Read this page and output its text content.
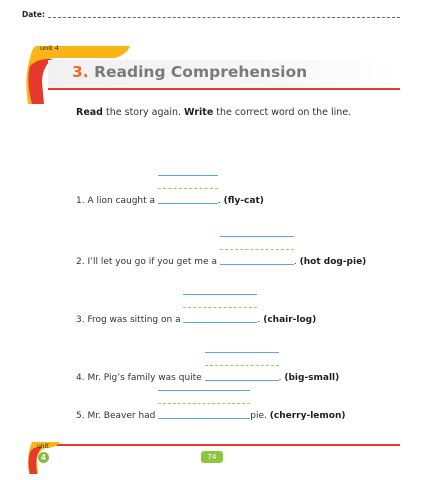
Date:
unit 4
3. Reading Comprehension
Read the story again. Write the correct word on the line.
1. A lion caught a	. (fly-cat)
2. I’ll let you go if you get me a	. (hot dog-pie)
3. Frog was sitting on a	. (chair-log)
4. Mr. Pig’s family was quite	. (big-small)
5. Mr. Beaver had	pie. (cherry-lemon)
unit
4	74
